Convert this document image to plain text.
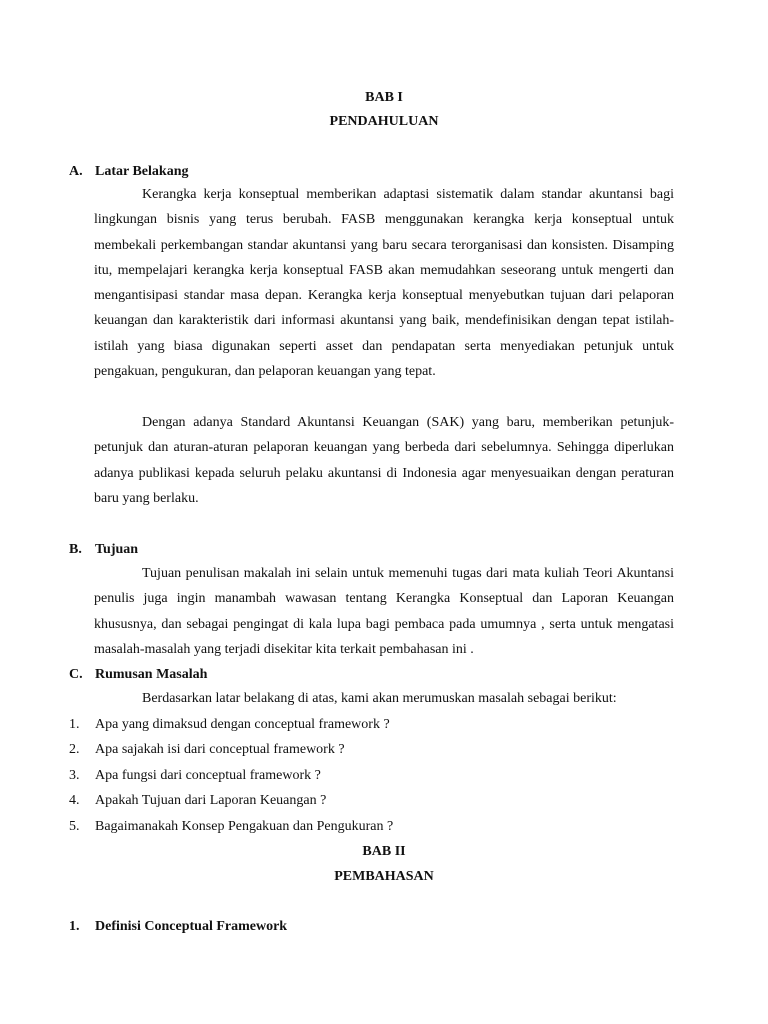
BAB I
PENDAHULUAN
A. Latar Belakang

Kerangka kerja konseptual memberikan adaptasi sistematik dalam standar akuntansi bagi lingkungan bisnis yang terus berubah. FASB menggunakan kerangka kerja konseptual untuk membekali perkembangan standar akuntansi yang baru secara terorganisasi dan konsisten. Disamping itu, mempelajari kerangka kerja konseptual FASB akan memudahkan seseorang untuk mengerti dan mengantisipasi standar masa depan. Kerangka kerja konseptual menyebutkan tujuan dari pelaporan keuangan dan karakteristik dari informasi akuntansi yang baik, mendefinisikan dengan tepat istilah-istilah yang biasa digunakan seperti asset dan pendapatan serta menyediakan petunjuk untuk pengakuan, pengukuran, dan pelaporan keuangan yang tepat.

Dengan adanya Standard Akuntansi Keuangan (SAK) yang baru, memberikan petunjuk-petunjuk dan aturan-aturan pelaporan keuangan yang berbeda dari sebelumnya. Sehingga diperlukan adanya publikasi kepada seluruh pelaku akuntansi di Indonesia agar menyesuaikan dengan peraturan baru yang berlaku.

B. Tujuan

Tujuan penulisan makalah ini selain untuk memenuhi tugas dari mata kuliah Teori Akuntansi penulis juga ingin manambah wawasan tentang Kerangka Konseptual dan Laporan Keuangan khususnya, dan sebagai pengingat di kala lupa bagi pembaca pada umumnya , serta untuk mengatasi masalah-masalah yang terjadi disekitar kita terkait pembahasan ini .

C. Rumusan Masalah

Berdasarkan latar belakang di atas, kami akan merumuskan masalah sebagai berikut:

1. Apa yang dimaksud dengan conceptual framework ?
2. Apa sajakah isi dari conceptual framework ?
3. Apa fungsi dari conceptual framework ?
4. Apakah Tujuan dari Laporan Keuangan ?
5. Bagaimanakah Konsep Pengakuan dan Pengukuran ?
BAB II
PEMBAHASAN
1. Definisi Conceptual Framework
